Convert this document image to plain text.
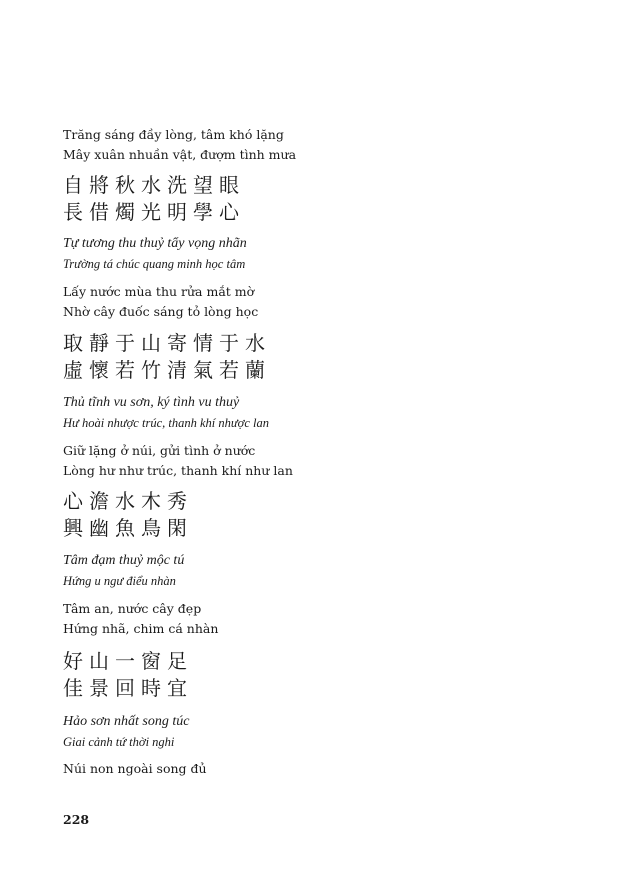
Trăng sáng đầy lòng, tâm khó lặng
Mây xuân nhuần vật, đượm tình mưa
自將秋水洗望眼
長借燭光明學心
Tự tương thu thuỷ tẩy vọng nhãn
Trường tá chúc quang minh học tâm
Lấy nước mùa thu rửa mắt mờ
Nhờ cây đuốc sáng tỏ lòng học
取靜于山寄情于水
虛懷若竹清氣若蘭
Thủ tĩnh vu sơn, ký tình vu thuỷ
Hư hoài nhược trúc, thanh khí nhược lan
Giữ lặng ở núi, gửi tình ở nước
Lòng hư như trúc, thanh khí như lan
心澹水木秀
興幽魚鳥閑
Tâm đạm thuỷ mộc tú
Hứng u ngư điểu nhàn
Tâm an, nước cây đẹp
Hứng nhã, chim cá nhàn
好山一窗足
佳景回時宜
Hảo sơn nhất song túc
Giai cảnh tứ thời nghi
Núi non ngoài song đủ
228
